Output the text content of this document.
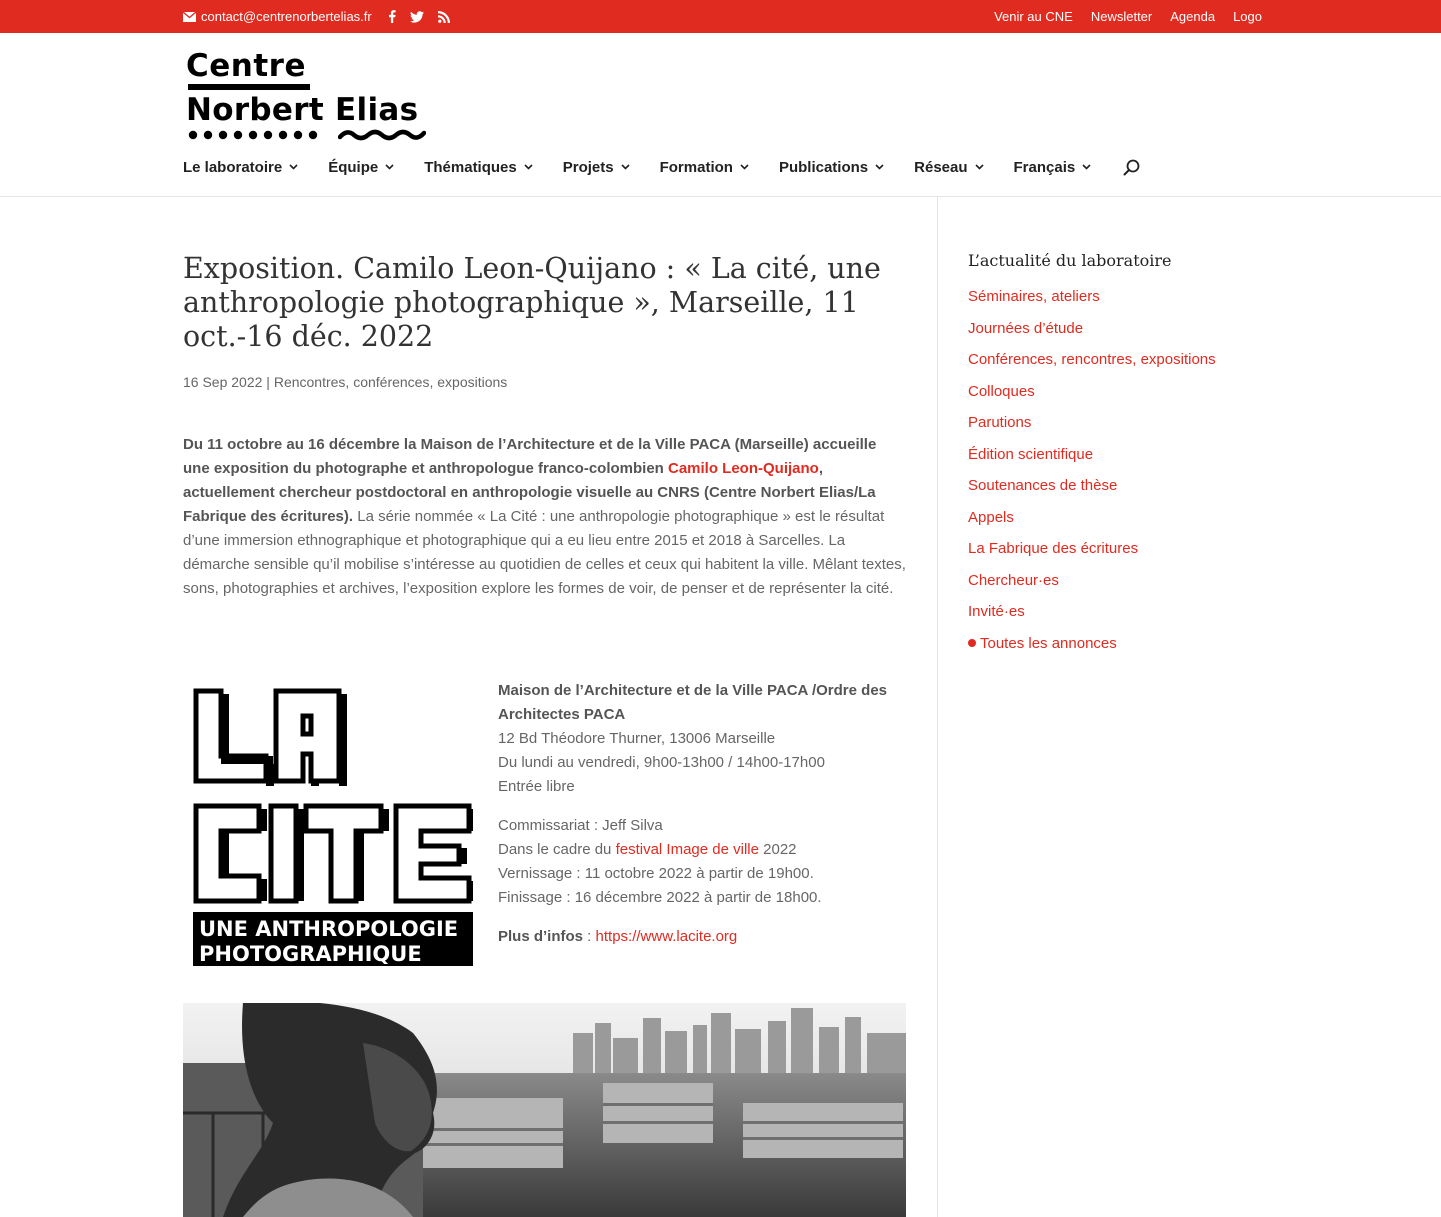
contact@centrenorbertelias.fr	Venir au CNE Newsletter Agenda Logo
Centre
Norbert Elias
Le laboratoire	Équipe	Thématiques	Projets	Formation	Publications	Réseau	Français
Exposition. Camilo Leon-Quijano : « La cité, une anthropologie photographique », Marseille, 11 oct.-16 déc. 2022
16 Sep 2022 | Rencontres, conférences, expositions
Du 11 octobre au 16 décembre la Maison de l’Architecture et de la Ville PACA (Marseille) accueille une exposition du photographe et anthropologue franco-colombien Camilo Leon-Quijano, actuellement chercheur postdoctoral en anthropologie visuelle au CNRS (Centre Norbert Elias/La Fabrique des écritures). La série nommée « La Cité : une anthropologie photographique » est le résultat d’une immersion ethnographique et photographique qui a eu lieu entre 2015 et 2018 à Sarcelles. La démarche sensible qu’il mobilise s’intéresse au quotidien de celles et ceux qui habitent la ville. Mêlant textes, sons, photographies et archives, l’exposition explore les formes de voir, de penser et de représenter la cité.
UNE ANTHROPOLOGIE
PHOTOGRAPHIQUE
Maison de l’Architecture et de la Ville PACA /Ordre des Architectes PACA
12 Bd Théodore Thurner, 13006 Marseille
Du lundi au vendredi, 9h00-13h00 / 14h00-17h00
Entrée libre
Commissariat : Jeff Silva
Dans le cadre du festival Image de ville 2022
Vernissage : 11 octobre 2022 à partir de 19h00.
Finissage : 16 décembre 2022 à partir de 18h00.
Plus d’infos : https://www.lacite.org
L’actualité du laboratoire
Séminaires, ateliers
Journées d’étude
Conférences, rencontres, expositions
Colloques
Parutions
Édition scientifique
Soutenances de thèse
Appels
La Fabrique des écritures
Chercheur·es
Invité·es
Toutes les annonces
